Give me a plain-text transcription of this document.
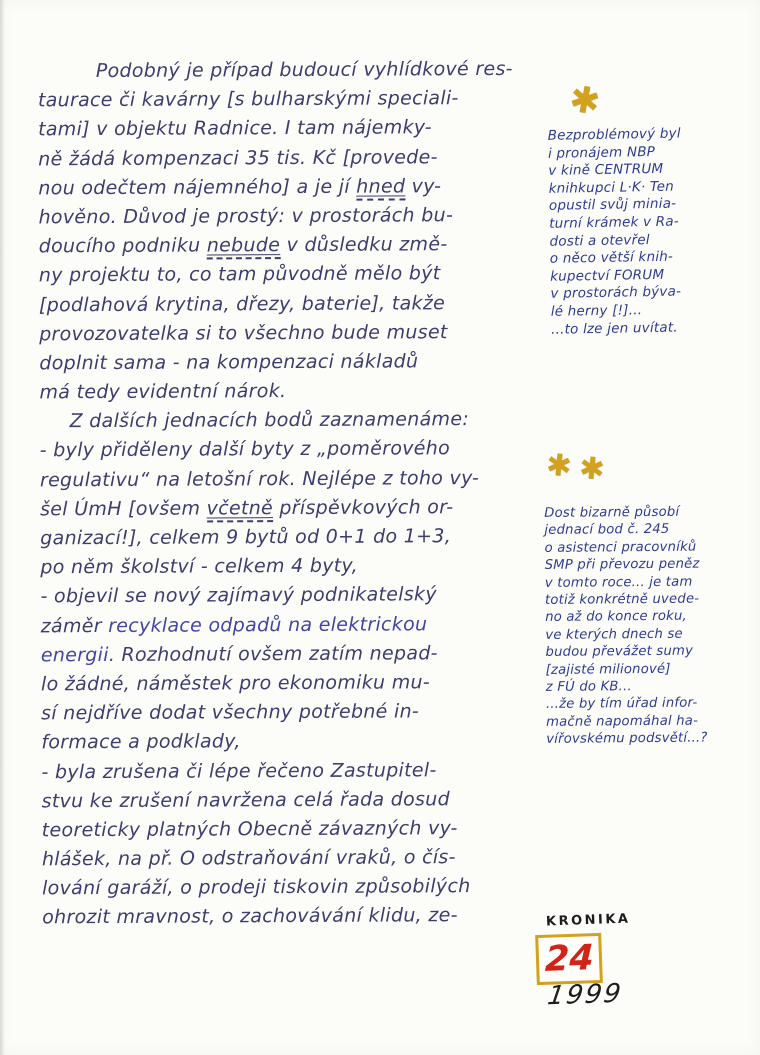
Podobný je případ budoucí vyhlídkové res-
taurace či kavárny [s bulharskými speciali-
tami] v objektu Radnice. I tam nájemky-
ně žádá kompenzaci 35 tis. Kč [provede-
nou odečtem nájemného] a je jí hned vy-
hověno. Důvod je prostý: v prostorách bu-
doucího podniku nebude v důsledku změ-
ny projektu to, co tam původně mělo být
[podlahová krytina, dřezy, baterie], takže
provozovatelka si to všechno bude muset
doplnit sama - na kompenzaci nákladů
má tedy evidentní nárok.
Z dalších jednacích bodů zaznamenáme:
- byly přiděleny další byty z „poměrového
regulativu“ na letošní rok. Nejlépe z toho vy-
šel ÚmH [ovšem včetně příspěvkových or-
ganizací!], celkem 9 bytů od 0+1 do 1+3,
po něm školství - celkem 4 byty,
- objevil se nový zajímavý podnikatelský
záměr recyklace odpadů na elektrickou
energii. Rozhodnutí ovšem zatím nepad-
lo žádné, náměstek pro ekonomiku mu-
sí nejdříve dodat všechny potřebné in-
formace a podklady,
- byla zrušena či lépe řečeno Zastupitel-
stvu ke zrušení navržena celá řada dosud
teoreticky platných Obecně závazných vy-
hlášek, na př. O odstraňování vraků, o čís-
lování garáží, o prodeji tiskovin způsobilých
ohrozit mravnost, o zachovávání klidu, ze-
✱
Bezproblémový byl
i pronájem NBP
v kině CENTRUM
knihkupci L·K· Ten
opustil svůj minia-
turní krámek v Ra-
dosti a otevřel
o něco větší knih-
kupectví FORUM
v prostorách býva-
lé herny [!]...
...to lze jen uvítat.
✱✱
Dost bizarně působí
jednací bod č. 245
o asistenci pracovníků
SMP při převozu peněz
v tomto roce... je tam
totiž konkrétně uvede-
no až do konce roku,
ve kterých dnech se
budou převážet sumy
[zajisté milionové]
z FÚ do KB...
...že by tím úřad infor-
mačně napomáhal ha-
vířovskému podsvětí...?
KRONIKA
24
1999
